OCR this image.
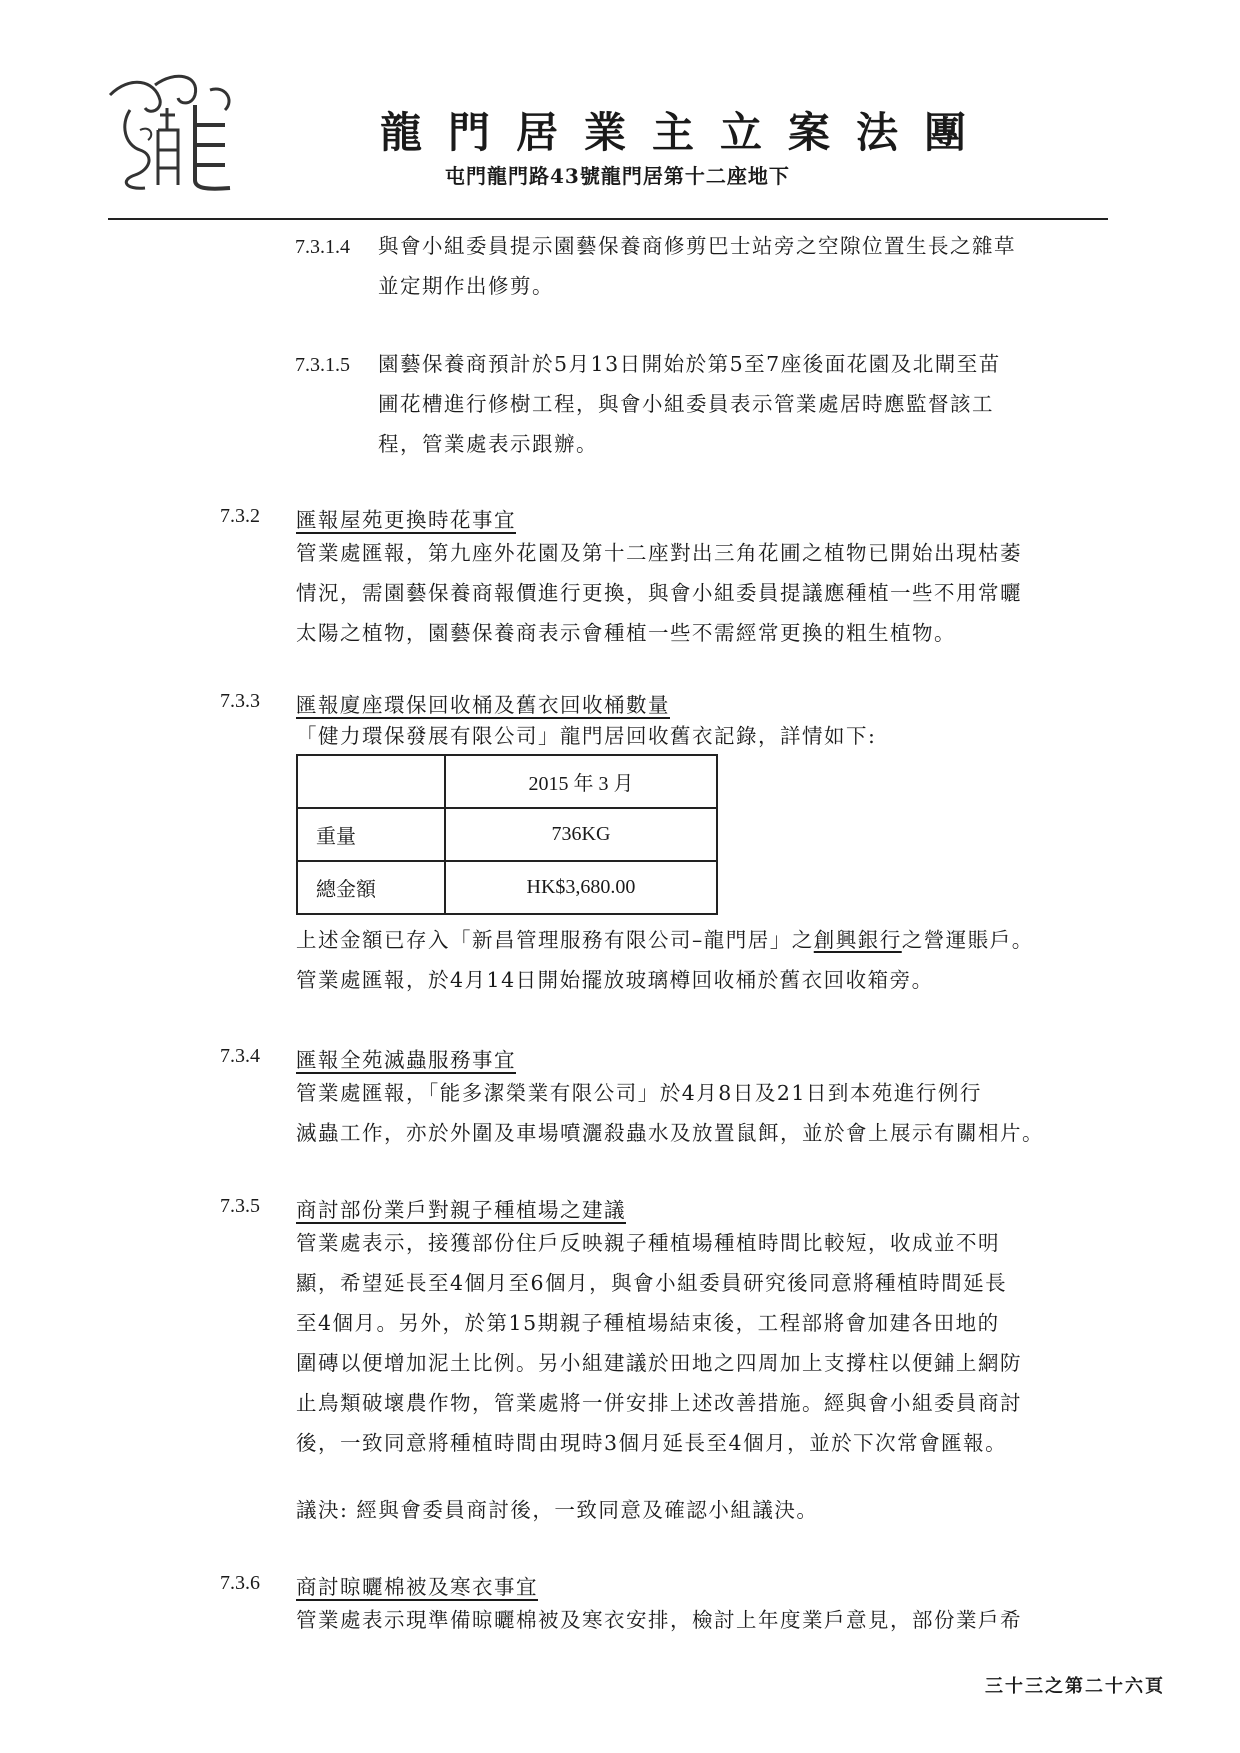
龍門居業主立案法團
屯門龍門路43號龍門居第十二座地下
7.3.1.4 與會小組委員提示園藝保養商修剪巴士站旁之空隙位置生長之雜草
並定期作出修剪。
7.3.1.5 園藝保養商預計於5月13日開始於第5至7座後面花園及北閘至苗
圃花槽進行修樹工程，與會小組委員表示管業處居時應監督該工
程，管業處表示跟辦。
7.3.2 匯報屋苑更換時花事宜
管業處匯報，第九座外花園及第十二座對出三角花圃之植物已開始出現枯萎
情況，需園藝保養商報價進行更換，與會小組委員提議應種植一些不用常曬
太陽之植物，園藝保養商表示會種植一些不需經常更換的粗生植物。
7.3.3 匯報廈座環保回收桶及舊衣回收桶數量
「健力環保發展有限公司」龍門居回收舊衣記錄，詳情如下:
	2015 年 3 月
重量	736KG
總金額	HK$3,680.00
上述金額已存入「新昌管理服務有限公司–龍門居」之創興銀行之營運賬戶。
管業處匯報，於4月14日開始擺放玻璃樽回收桶於舊衣回收箱旁。
7.3.4 匯報全苑滅蟲服務事宜
管業處匯報，「能多潔榮業有限公司」於4月8日及21日到本苑進行例行
滅蟲工作，亦於外圍及車場噴灑殺蟲水及放置鼠餌，並於會上展示有關相片。
7.3.5 商討部份業戶對親子種植場之建議
管業處表示，接獲部份住戶反映親子種植場種植時間比較短，收成並不明
顯，希望延長至4個月至6個月，與會小組委員研究後同意將種植時間延長
至4個月。另外，於第15期親子種植場結束後，工程部將會加建各田地的
圍磚以便增加泥土比例。另小組建議於田地之四周加上支撐柱以便鋪上網防
止鳥類破壞農作物，管業處將一併安排上述改善措施。經與會小組委員商討
後，一致同意將種植時間由現時3個月延長至4個月，並於下次常會匯報。
議決: 經與會委員商討後，一致同意及確認小組議決。
7.3.6 商討晾曬棉被及寒衣事宜
管業處表示現準備晾曬棉被及寒衣安排，檢討上年度業戶意見，部份業戶希
三十三之第二十六頁
